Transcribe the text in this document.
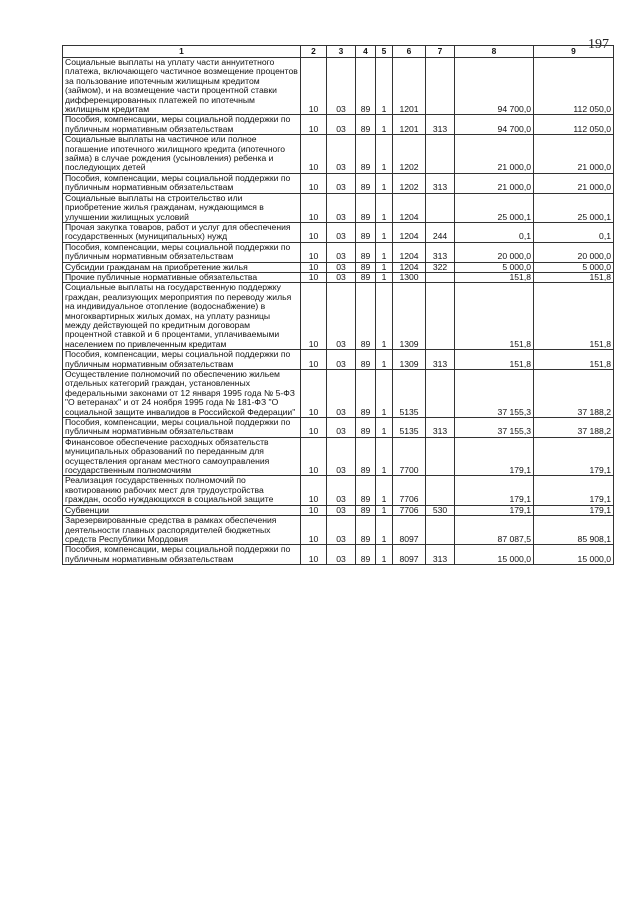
197
1	2	3	4	5	6	7	8	9
Социальные выплаты на уплату части аннуитетного платежа, включающего частичное возмещение процентов за пользование ипотечным жилищным кредитом (займом), и на возмещение части процентной ставки дифференцированных платежей по ипотечным жилищным кредитам	10	03	89	1	1201		94 700,0	112 050,0
Пособия, компенсации, меры социальной поддержки по публичным нормативным обязательствам	10	03	89	1	1201	313	94 700,0	112 050,0
Социальные выплаты на частичное или полное погашение ипотечного жилищного кредита (ипотечного займа) в случае рождения (усыновления) ребенка и последующих детей	10	03	89	1	1202		21 000,0	21 000,0
Пособия, компенсации, меры социальной поддержки по публичным нормативным обязательствам	10	03	89	1	1202	313	21 000,0	21 000,0
Социальные выплаты на строительство или приобретение жилья гражданам, нуждающимся в улучшении жилищных условий	10	03	89	1	1204		25 000,1	25 000,1
Прочая закупка товаров, работ и услуг для обеспечения государственных (муниципальных) нужд	10	03	89	1	1204	244	0,1	0,1
Пособия, компенсации, меры социальной поддержки по публичным нормативным обязательствам	10	03	89	1	1204	313	20 000,0	20 000,0
Субсидии гражданам на приобретение жилья	10	03	89	1	1204	322	5 000,0	5 000,0
Прочие публичные нормативные обязательства	10	03	89	1	1300		151,8	151,8
Социальные выплаты на государственную поддержку граждан, реализующих мероприятия по переводу жилья на индивидуальное отопление (водоснабжение) в многоквартирных жилых домах, на уплату разницы между действующей по кредитным договорам процентной ставкой и 6 процентами, уплачиваемыми населением по привлеченным кредитам	10	03	89	1	1309		151,8	151,8
Пособия, компенсации, меры социальной поддержки по публичным нормативным обязательствам	10	03	89	1	1309	313	151,8	151,8
Осуществление полномочий по обеспечению жильем отдельных категорий граждан, установленных федеральными законами от 12 января 1995 года № 5-ФЗ "О ветеранах" и от 24 ноября 1995 года № 181-ФЗ "О социальной защите инвалидов в Российской Федерации"	10	03	89	1	5135		37 155,3	37 188,2
Пособия, компенсации, меры социальной поддержки по публичным нормативным обязательствам	10	03	89	1	5135	313	37 155,3	37 188,2
Финансовое обеспечение расходных обязательств муниципальных образований по переданным для осуществления органам местного самоуправления государственным полномочиям	10	03	89	1	7700		179,1	179,1
Реализация государственных полномочий по квотированию рабочих мест для трудоустройства граждан, особо нуждающихся в социальной защите	10	03	89	1	7706		179,1	179,1
Субвенции	10	03	89	1	7706	530	179,1	179,1
Зарезервированные средства в рамках обеспечения деятельности главных распорядителей бюджетных средств Республики Мордовия	10	03	89	1	8097		87 087,5	85 908,1
Пособия, компенсации, меры социальной поддержки по публичным нормативным обязательствам	10	03	89	1	8097	313	15 000,0	15 000,0
